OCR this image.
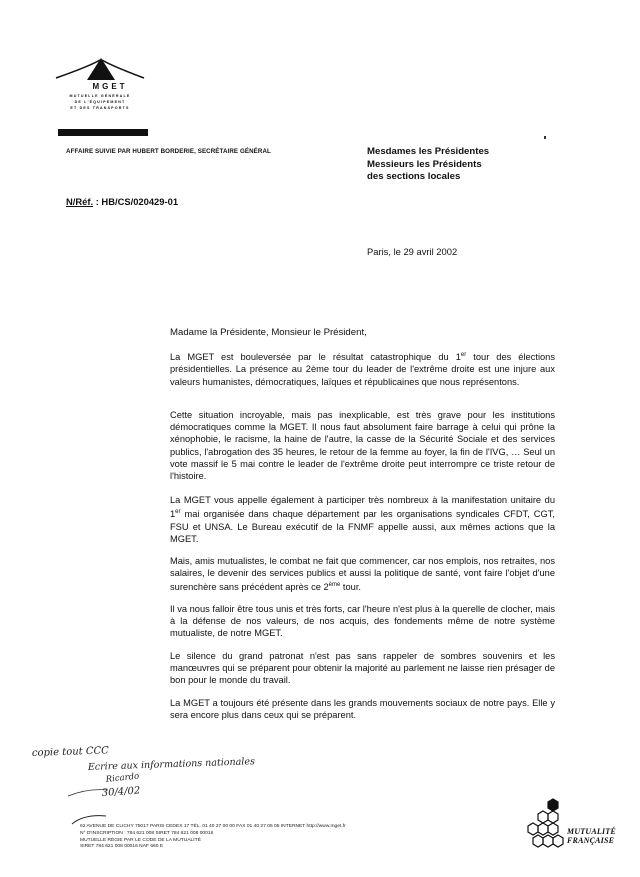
MGET
MUTUELLE GÉNÉRALE
DE L'ÉQUIPEMENT
ET DES TRANSPORTS
AFFAIRE SUIVIE PAR HUBERT BORDERIE, SECRÉTAIRE GÉNÉRAL	Mesdames les Présidentes
Messieurs les Présidents
des sections locales
N/Réf. : HB/CS/020429-01
Paris, le 29 avril 2002
Madame la Présidente, Monsieur le Président,

La MGET est bouleversée par le résultat catastrophique du 1er tour des élections présidentielles. La présence au 2ème tour du leader de l'extrême droite est une injure aux valeurs humanistes, démocratiques, laïques et républicaines que nous représentons.

Cette situation incroyable, mais pas inexplicable, est très grave pour les institutions démocratiques comme la MGET. Il nous faut absolument faire barrage à celui qui prône la xénophobie, le racisme, la haine de l'autre, la casse de la Sécurité Sociale et des services publics, l'abrogation des 35 heures, le retour de la femme au foyer, la fin de l'IVG, … Seul un vote massif le 5 mai contre le leader de l'extrême droite peut interrompre ce triste retour de l'histoire.

La MGET vous appelle également à participer très nombreux à la manifestation unitaire du 1er mai organisée dans chaque département par les organisations syndicales CFDT, CGT, FSU et UNSA. Le Bureau exécutif de la FNMF appelle aussi, aux mêmes actions que la MGET.

Mais, amis mutualistes, le combat ne fait que commencer, car nos emplois, nos retraites, nos salaires, le devenir des services publics et aussi la politique de santé, vont faire l'objet d'une surenchère sans précédent après ce 2ème tour.

Il va nous falloir être tous unis et très forts, car l'heure n'est plus à la querelle de clocher, mais à la défense de nos valeurs, de nos acquis, des fondements même de notre système mutualiste, de notre MGET.

Le silence du grand patronat n'est pas sans rappeler de sombres souvenirs et les manœuvres qui se préparent pour obtenir la majorité au parlement ne laisse rien présager de bon pour le monde du travail.

La MGET a toujours été présente dans les grands mouvements sociaux de notre pays. Elle y sera encore plus dans ceux qui se préparent.

copie tout CCC
Ecrire aux informations nationales
Ricardo
30/4/02
62 AVENUE DE CLICHY 75017 PARIS CEDEX 17 TÉL. 01 40 27 00 00 FAX 01 40 27 05 05 INTERNET http://www.mget.fr
N° D'INSCRIPTION : 784 621 008 SIRET 784 621 008 00016
MUTUELLE RÉGIE PAR LE CODE DE LA MUTUALITÉ
SIRET 784 621 008 00016 NAF 660 E
MUTUALITÉ
FRANÇAISE
